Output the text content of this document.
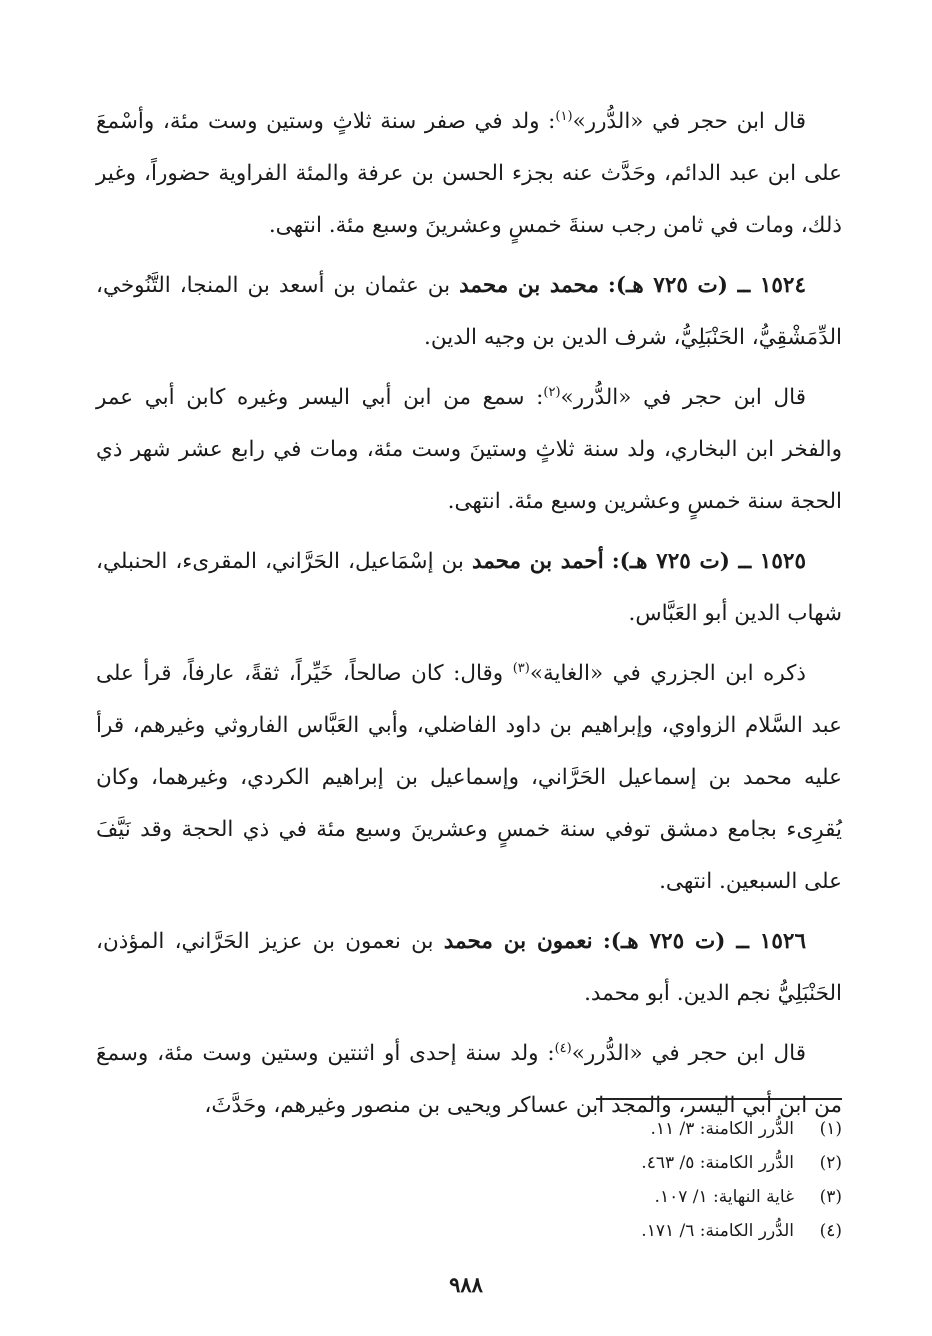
قال ابن حجر في «الدُّرر»$^{(١)}$: ولد في صفر سنة ثلاثٍ وستين وست مئة، وأسْمعَ على ابن عبد الدائم، وحَدَّث عنه بجزء الحسن بن عرفة والمئة الفراوية حضوراً، وغير ذلك، ومات في ثامن رجب سنةَ خمسٍ وعشرينَ وسبع مئة. انتهى.

١٥٢٤ ــ (ت ٧٢٥ هـ): محمد بن محمد بن عثمان بن أسعد بن المنجا، التَّنُوخي، الدِّمَشْقِيُّ، الحَنْبَلِيُّ، شرف الدين بن وجيه الدين.

قال ابن حجر في «الدُّرر»$^{(٢)}$: سمع من ابن أبي اليسر وغيره كابن أبي عمر والفخر ابن البخاري، ولد سنة ثلاثٍ وستينَ وست مئة، ومات في رابع عشر شهر ذي الحجة سنة خمسٍ وعشرين وسبع مئة. انتهى.

١٥٢٥ ــ (ت ٧٢٥ هـ): أحمد بن محمد بن إسْمَاعيل، الحَرَّاني، المقرىء، الحنبلي، شهاب الدين أبو العَبَّاس.

ذكره ابن الجزري في «الغاية»$^{(٣)}$ وقال: كان صالحاً، خَيِّراً، ثقةً، عارفاً، قرأ على عبد السَّلام الزواوي، وإبراهيم بن داود الفاضلي، وأبي العَبَّاس الفاروثي وغيرهم، قرأ عليه محمد بن إسماعيل الحَرَّاني، وإسماعيل بن إبراهيم الكردي، وغيرهما، وكان يُقرِىء بجامع دمشق توفي سنة خمسٍ وعشرينَ وسبع مئة في ذي الحجة وقد نَيَّفَ على السبعين. انتهى.

١٥٢٦ ــ (ت ٧٢٥ هـ): نعمون بن محمد بن نعمون بن عزيز الحَرَّاني، المؤذن، الحَنْبَلِيُّ نجم الدين. أبو محمد.

قال ابن حجر في «الدُّرر»$^{(٤)}$: ولد سنة إحدى أو اثنتين وستين وست مئة، وسمعَ من ابن أبي اليسر، والمجد ابن عساكر ويحيى بن منصور وغيرهم، وحَدَّثَ،

(١)
الدُّرر الكامنة: ٣/ ١١.
(٢)
الدُّرر الكامنة: ٥/ ٤٦٣.
(٣)
غاية النهاية: ١/ ١٠٧.
(٤)
الدُّرر الكامنة: ٦/ ١٧١.
٩٨٨
